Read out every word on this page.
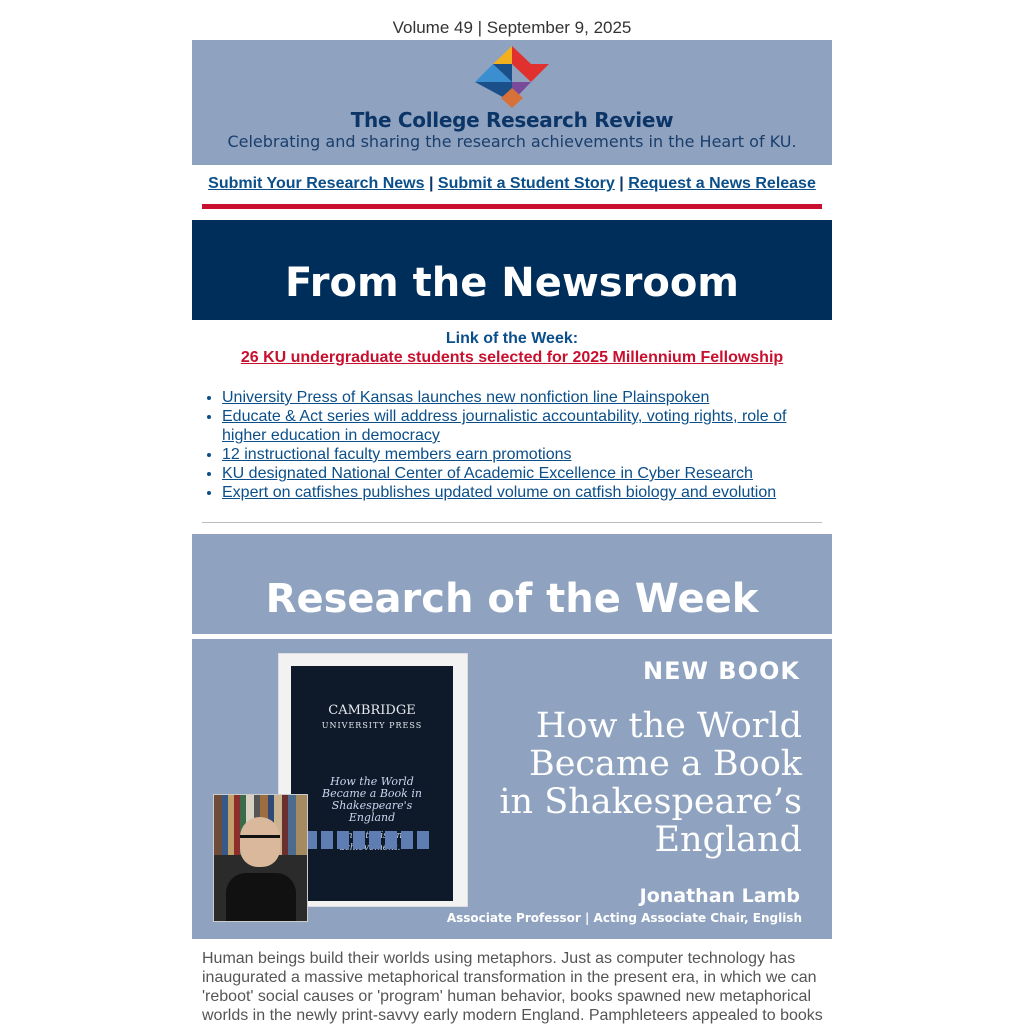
Volume 49 | September 9, 2025
The College Research Review
Celebrating and sharing the research achievements in the Heart of KU.
Submit Your Research News | Submit a Student Story | Request a News Release
From the Newsroom
Link of the Week:
26 KU undergraduate students selected for 2025 Millennium Fellowship
• University Press of Kansas launches new nonfiction line Plainspoken
• Educate & Act series will address journalistic accountability, voting rights, role of higher education in democracy
• 12 instructional faculty members earn promotions
• KU designated National Center of Academic Excellence in Cyber Research
• Expert on catfishes publishes updated volume on catfish biology and evolution
Research of the Week
CAMBRIDGE
UNIVERSITY PRESS
How the World Became a Book in Shakespeare's England
astonishing
NEW BOOK
How the World
Became a Book
in Shakespeare’s
England
Jonathan Lamb
Associate Professor | Acting Associate Chair, English

Human beings build their worlds using metaphors. Just as computer technology has inaugurated a massive metaphorical transformation in the present era, in which we can 'reboot' social causes or 'program' human behavior, books spawned new metaphorical worlds in the newly print-savvy early modern England. Pamphleteers appealed to books
